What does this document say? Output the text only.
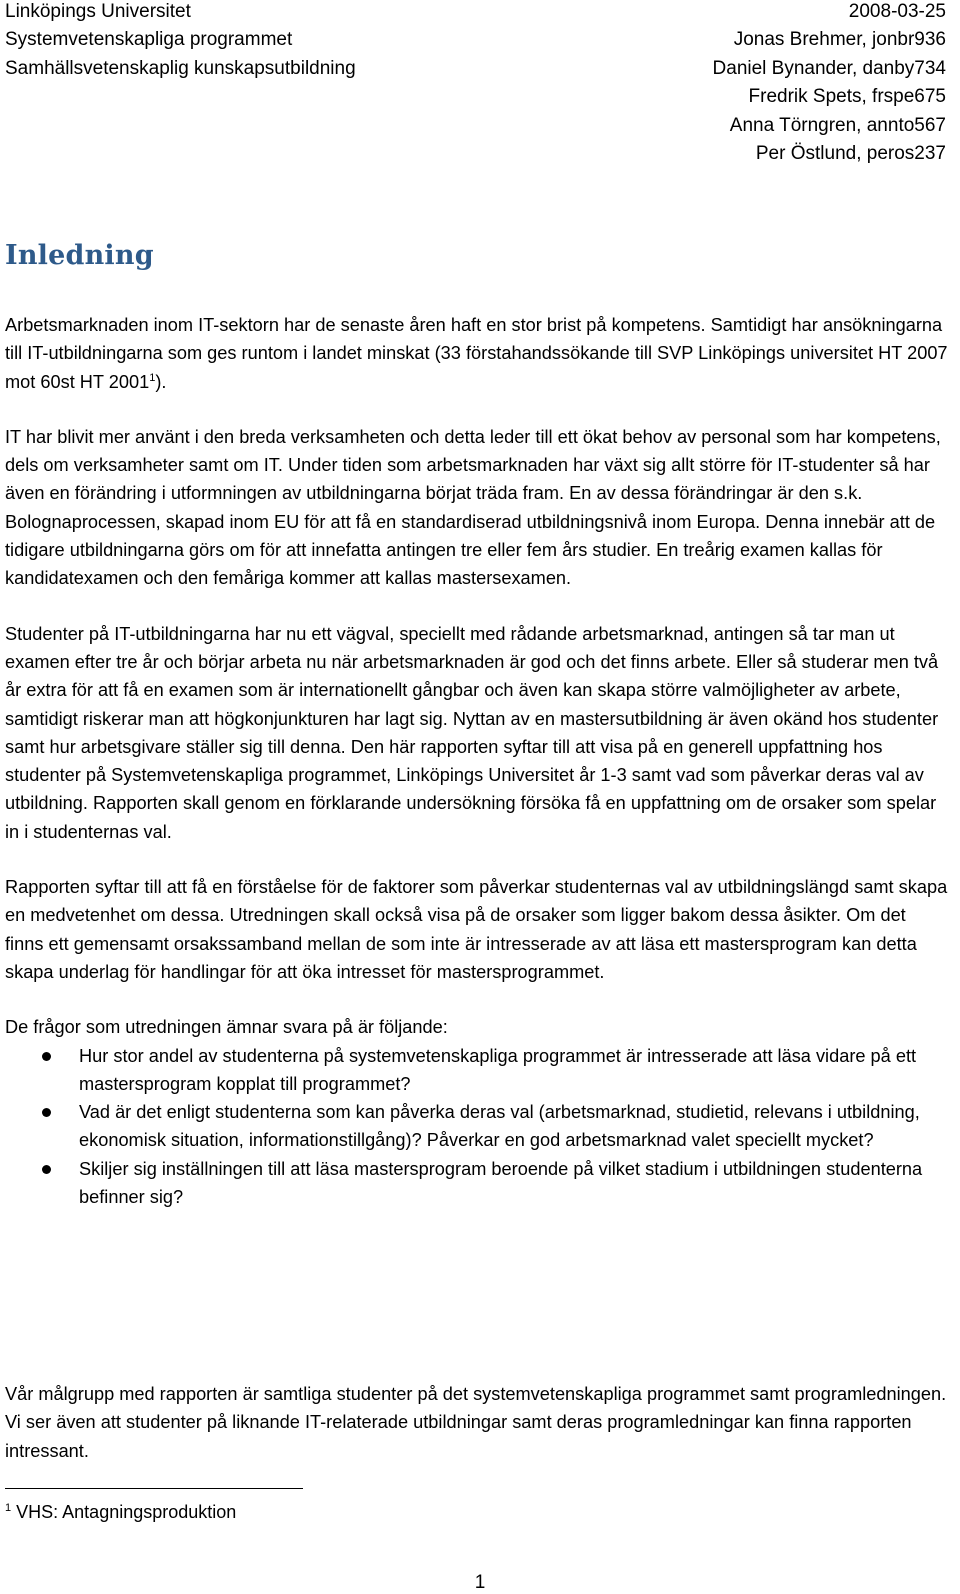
Linköpings Universitet
Systemvetenskapliga programmet
Samhällsvetenskaplig kunskapsutbildning
2008-03-25
Jonas Brehmer, jonbr936
Daniel Bynander, danby734
Fredrik Spets, frspe675
Anna Törngren, annto567
Per Östlund, peros237
Inledning

Arbetsmarknaden inom IT-sektorn har de senaste åren haft en stor brist på kompetens. Samtidigt har ansökningarna till IT-utbildningarna som ges runtom i landet minskat (33 förstahandssökande till SVP Linköpings universitet HT 2007 mot 60st HT 2001$^1$).

IT har blivit mer använt i den breda verksamheten och detta leder till ett ökat behov av personal som har kompetens, dels om verksamheter samt om IT. Under tiden som arbetsmarknaden har växt sig allt större för IT-studenter så har även en förändring i utformningen av utbildningarna börjat träda fram. En av dessa förändringar är den s.k. Bolognaprocessen, skapad inom EU för att få en standardiserad utbildningsnivå inom Europa. Denna innebär att de tidigare utbildningarna görs om för att innefatta antingen tre eller fem års studier. En treårig examen kallas för kandidatexamen och den femåriga kommer att kallas mastersexamen.

Studenter på IT-utbildningarna har nu ett vägval, speciellt med rådande arbetsmarknad, antingen så tar man ut examen efter tre år och börjar arbeta nu när arbetsmarknaden är god och det finns arbete. Eller så studerar men två år extra för att få en examen som är internationellt gångbar och även kan skapa större valmöjligheter av arbete, samtidigt riskerar man att högkonjunkturen har lagt sig. Nyttan av en mastersutbildning är även okänd hos studenter samt hur arbetsgivare ställer sig till denna. Den här rapporten syftar till att visa på en generell uppfattning hos studenter på Systemvetenskapliga programmet, Linköpings Universitet år 1-3 samt vad som påverkar deras val av utbildning. Rapporten skall genom en förklarande undersökning försöka få en uppfattning om de orsaker som spelar in i studenternas val.

Rapporten syftar till att få en förståelse för de faktorer som påverkar studenternas val av utbildningslängd samt skapa en medvetenhet om dessa. Utredningen skall också visa på de orsaker som ligger bakom dessa åsikter. Om det finns ett gemensamt orsakssamband mellan de som inte är intresserade av att läsa ett mastersprogram kan detta skapa underlag för handlingar för att öka intresset för mastersprogrammet.

De frågor som utredningen ämnar svara på är följande:

Hur stor andel av studenterna på systemvetenskapliga programmet är intresserade att läsa vidare på ett mastersprogram kopplat till programmet?
Vad är det enligt studenterna som kan påverka deras val (arbetsmarknad, studietid, relevans i utbildning, ekonomisk situation, informationstillgång)? Påverkar en god arbetsmarknad valet speciellt mycket?
Skiljer sig inställningen till att läsa mastersprogram beroende på vilket stadium i utbildningen studenterna befinner sig?

Vår målgrupp med rapporten är samtliga studenter på det systemvetenskapliga programmet samt programledningen. Vi ser även att studenter på liknande IT-relaterade utbildningar samt deras programledningar kan finna rapporten intressant.

$^1$ VHS: Antagningsproduktion
1
